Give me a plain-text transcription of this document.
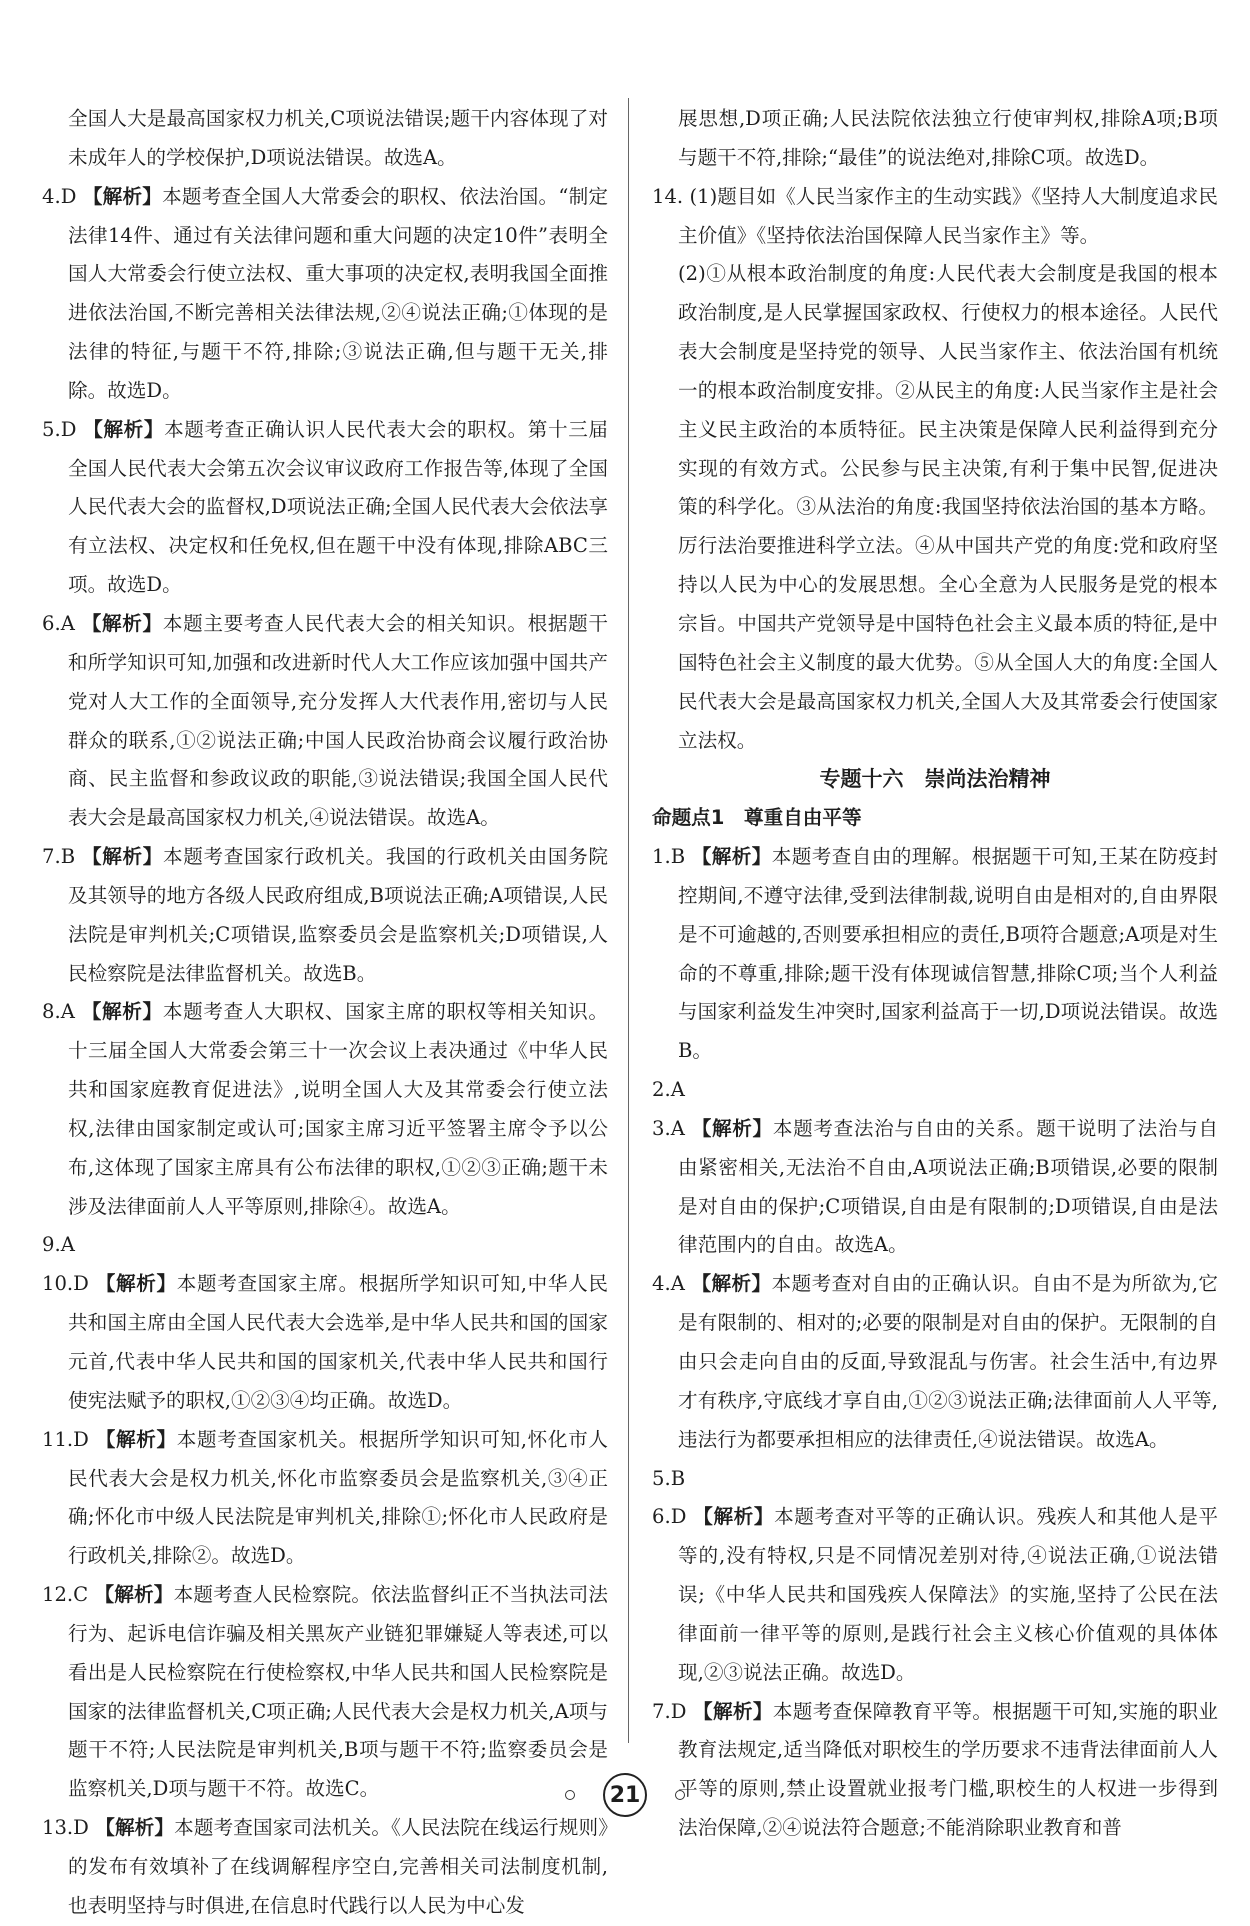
全国人大是最高国家权力机关,C项说法错误;题干内容体现了对未成年人的学校保护,D项说法错误。故选A。

4.D 【解析】本题考查全国人大常委会的职权、依法治国。“制定法律14件、通过有关法律问题和重大问题的决定10件”表明全国人大常委会行使立法权、重大事项的决定权,表明我国全面推进依法治国,不断完善相关法律法规,②④说法正确;①体现的是法律的特征,与题干不符,排除;③说法正确,但与题干无关,排除。故选D。

5.D 【解析】本题考查正确认识人民代表大会的职权。第十三届全国人民代表大会第五次会议审议政府工作报告等,体现了全国人民代表大会的监督权,D项说法正确;全国人民代表大会依法享有立法权、决定权和任免权,但在题干中没有体现,排除ABC三项。故选D。

6.A 【解析】本题主要考查人民代表大会的相关知识。根据题干和所学知识可知,加强和改进新时代人大工作应该加强中国共产党对人大工作的全面领导,充分发挥人大代表作用,密切与人民群众的联系,①②说法正确;中国人民政治协商会议履行政治协商、民主监督和参政议政的职能,③说法错误;我国全国人民代表大会是最高国家权力机关,④说法错误。故选A。

7.B 【解析】本题考查国家行政机关。我国的行政机关由国务院及其领导的地方各级人民政府组成,B项说法正确;A项错误,人民法院是审判机关;C项错误,监察委员会是监察机关;D项错误,人民检察院是法律监督机关。故选B。

8.A 【解析】本题考查人大职权、国家主席的职权等相关知识。十三届全国人大常委会第三十一次会议上表决通过《中华人民共和国家庭教育促进法》,说明全国人大及其常委会行使立法权,法律由国家制定或认可;国家主席习近平签署主席令予以公布,这体现了国家主席具有公布法律的职权,①②③正确;题干未涉及法律面前人人平等原则,排除④。故选A。

9.A

10.D 【解析】本题考查国家主席。根据所学知识可知,中华人民共和国主席由全国人民代表大会选举,是中华人民共和国的国家元首,代表中华人民共和国的国家机关,代表中华人民共和国行使宪法赋予的职权,①②③④均正确。故选D。

11.D 【解析】本题考查国家机关。根据所学知识可知,怀化市人民代表大会是权力机关,怀化市监察委员会是监察机关,③④正确;怀化市中级人民法院是审判机关,排除①;怀化市人民政府是行政机关,排除②。故选D。

12.C 【解析】本题考查人民检察院。依法监督纠正不当执法司法行为、起诉电信诈骗及相关黑灰产业链犯罪嫌疑人等表述,可以看出是人民检察院在行使检察权,中华人民共和国人民检察院是国家的法律监督机关,C项正确;人民代表大会是权力机关,A项与题干不符;人民法院是审判机关,B项与题干不符;监察委员会是监察机关,D项与题干不符。故选C。

13.D 【解析】本题考查国家司法机关。《人民法院在线运行规则》的发布有效填补了在线调解程序空白,完善相关司法制度机制,也表明坚持与时俱进,在信息时代践行以人民为中心发

展思想,D项正确;人民法院依法独立行使审判权,排除A项;B项与题干不符,排除;“最佳”的说法绝对,排除C项。故选D。

14. (1)题目如《人民当家作主的生动实践》《坚持人大制度追求民主价值》《坚持依法治国保障人民当家作主》等。

(2)①从根本政治制度的角度:人民代表大会制度是我国的根本政治制度,是人民掌握国家政权、行使权力的根本途径。人民代表大会制度是坚持党的领导、人民当家作主、依法治国有机统一的根本政治制度安排。②从民主的角度:人民当家作主是社会主义民主政治的本质特征。民主决策是保障人民利益得到充分实现的有效方式。公民参与民主决策,有利于集中民智,促进决策的科学化。③从法治的角度:我国坚持依法治国的基本方略。厉行法治要推进科学立法。④从中国共产党的角度:党和政府坚持以人民为中心的发展思想。全心全意为人民服务是党的根本宗旨。中国共产党领导是中国特色社会主义最本质的特征,是中国特色社会主义制度的最大优势。⑤从全国人大的角度:全国人民代表大会是最高国家权力机关,全国人大及其常委会行使国家立法权。

专题十六　崇尚法治精神

命题点1　尊重自由平等

1.B 【解析】本题考查自由的理解。根据题干可知,王某在防疫封控期间,不遵守法律,受到法律制裁,说明自由是相对的,自由界限是不可逾越的,否则要承担相应的责任,B项符合题意;A项是对生命的不尊重,排除;题干没有体现诚信智慧,排除C项;当个人利益与国家利益发生冲突时,国家利益高于一切,D项说法错误。故选B。

2.A

3.A 【解析】本题考查法治与自由的关系。题干说明了法治与自由紧密相关,无法治不自由,A项说法正确;B项错误,必要的限制是对自由的保护;C项错误,自由是有限制的;D项错误,自由是法律范围内的自由。故选A。

4.A 【解析】本题考查对自由的正确认识。自由不是为所欲为,它是有限制的、相对的;必要的限制是对自由的保护。无限制的自由只会走向自由的反面,导致混乱与伤害。社会生活中,有边界才有秩序,守底线才享自由,①②③说法正确;法律面前人人平等,违法行为都要承担相应的法律责任,④说法错误。故选A。

5.B

6.D 【解析】本题考查对平等的正确认识。残疾人和其他人是平等的,没有特权,只是不同情况差别对待,④说法正确,①说法错误;《中华人民共和国残疾人保障法》的实施,坚持了公民在法律面前一律平等的原则,是践行社会主义核心价值观的具体体现,②③说法正确。故选D。

7.D 【解析】本题考查保障教育平等。根据题干可知,实施的职业教育法规定,适当降低对职校生的学历要求不违背法律面前人人平等的原则,禁止设置就业报考门槛,职校生的人权进一步得到法治保障,②④说法符合题意;不能消除职业教育和普

21
